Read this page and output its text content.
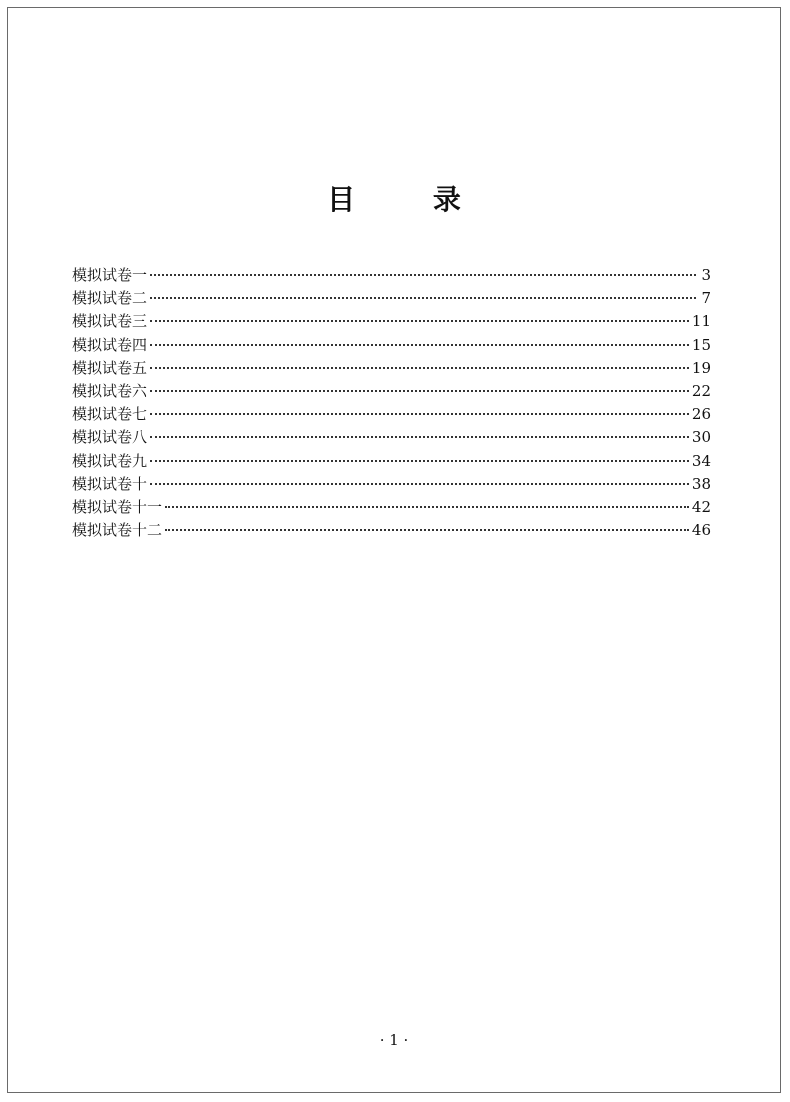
目 录
模拟试卷一	3
模拟试卷二	7
模拟试卷三	11
模拟试卷四	15
模拟试卷五	19
模拟试卷六	22
模拟试卷七	26
模拟试卷八	30
模拟试卷九	34
模拟试卷十	38
模拟试卷十一	42
模拟试卷十二	46
· 1 ·
